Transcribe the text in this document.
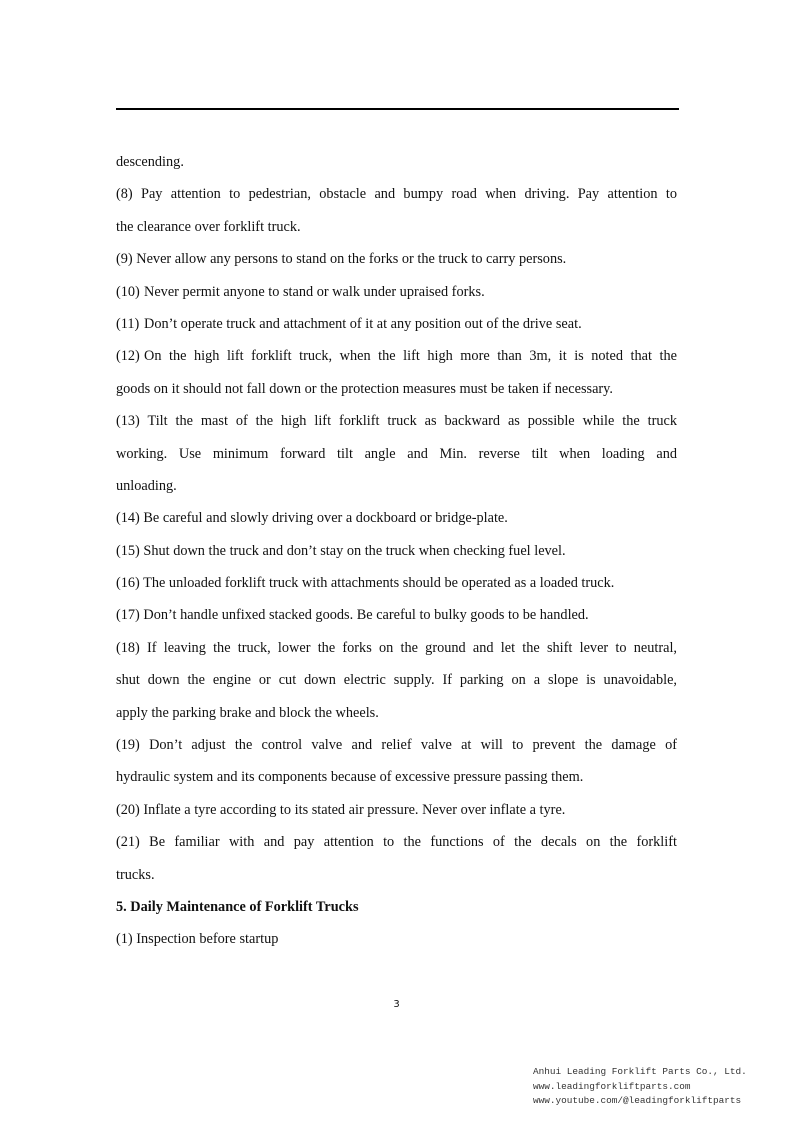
descending.
(8) Pay attention to pedestrian, obstacle and bumpy road when driving. Pay attention to
the clearance over forklift truck.
(9) Never allow any persons to stand on the forks or the truck to carry persons.
(10) Never permit anyone to stand or walk under upraised forks.
(11) Don’t operate truck and attachment of it at any position out of the drive seat.
(12) On the high lift forklift truck, when the lift high more than 3m, it is noted that the
goods on it should not fall down or the protection measures must be taken if necessary.
(13) Tilt the mast of the high lift forklift truck as backward as possible while the truck
working. Use minimum forward tilt angle and Min. reverse tilt when loading and
unloading.
(14) Be careful and slowly driving over a dockboard or bridge-plate.
(15) Shut down the truck and don’t stay on the truck when checking fuel level.
(16) The unloaded forklift truck with attachments should be operated as a loaded truck.
(17) Don’t handle unfixed stacked goods. Be careful to bulky goods to be handled.
(18) If leaving the truck, lower the forks on the ground and let the shift lever to neutral,
shut down the engine or cut down electric supply. If parking on a slope is unavoidable,
apply the parking brake and block the wheels.
(19) Don’t adjust the control valve and relief valve at will to prevent the damage of
hydraulic system and its components because of excessive pressure passing them.
(20) Inflate a tyre according to its stated air pressure. Never over inflate a tyre.
(21) Be familiar with and pay attention to the functions of the decals on the forklift
trucks.
5. Daily Maintenance of Forklift Trucks
(1) Inspection before startup
3
Anhui Leading Forklift Parts Co., Ltd.
www.leadingforkliftparts.com
www.youtube.com/@leadingforkliftparts
